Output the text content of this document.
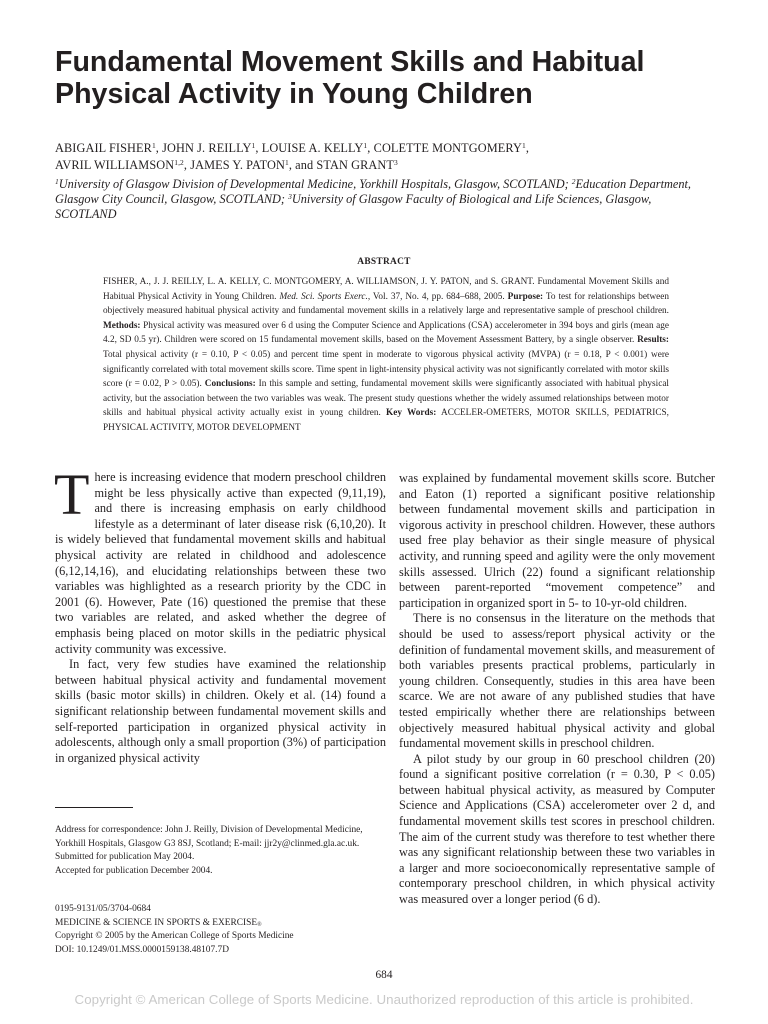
Fundamental Movement Skills and Habitual Physical Activity in Young Children

ABIGAIL FISHER$^1$, JOHN J. REILLY$^1$, LOUISE A. KELLY$^1$, COLETTE MONTGOMERY$^1$,
AVRIL WILLIAMSON$^{1,2}$, JAMES Y. PATON$^1$, and STAN GRANT$^3$

$^1$University of Glasgow Division of Developmental Medicine, Yorkhill Hospitals, Glasgow, SCOTLAND; $^2$Education Department, Glasgow City Council, Glasgow, SCOTLAND; $^3$University of Glasgow Faculty of Biological and Life Sciences, Glasgow, SCOTLAND

ABSTRACT

FISHER, A., J. J. REILLY, L. A. KELLY, C. MONTGOMERY, A. WILLIAMSON, J. Y. PATON, and S. GRANT. Fundamental Movement Skills and Habitual Physical Activity in Young Children. Med. Sci. Sports Exerc., Vol. 37, No. 4, pp. 684–688, 2005. Purpose: To test for relationships between objectively measured habitual physical activity and fundamental movement skills in a relatively large and representative sample of preschool children. Methods: Physical activity was measured over 6 d using the Computer Science and Applications (CSA) accelerometer in 394 boys and girls (mean age 4.2, SD 0.5 yr). Children were scored on 15 fundamental movement skills, based on the Movement Assessment Battery, by a single observer. Results: Total physical activity (r = 0.10, P < 0.05) and percent time spent in moderate to vigorous physical activity (MVPA) (r = 0.18, P < 0.001) were significantly correlated with total movement skills score. Time spent in light-intensity physical activity was not significantly correlated with motor skills score (r = 0.02, P > 0.05). Conclusions: In this sample and setting, fundamental movement skills were significantly associated with habitual physical activity, but the association between the two variables was weak. The present study questions whether the widely assumed relationships between motor skills and habitual physical activity actually exist in young children. Key Words: ACCELER-OMETERS, MOTOR SKILLS, PEDIATRICS, PHYSICAL ACTIVITY, MOTOR DEVELOPMENT

There is increasing evidence that modern preschool children might be less physically active than expected (9,11,19), and there is increasing emphasis on early childhood lifestyle as a determinant of later disease risk (6,10,20). It is widely believed that fundamental movement skills and habitual physical activity are related in childhood and adolescence (6,12,14,16), and elucidating relationships between these two variables was highlighted as a research priority by the CDC in 2001 (6). However, Pate (16) questioned the premise that these two variables are related, and asked whether the degree of emphasis being placed on motor skills in the pediatric physical activity community was excessive.

In fact, very few studies have examined the relationship between habitual physical activity and fundamental movement skills (basic motor skills) in children. Okely et al. (14) found a significant relationship between fundamental movement skills and self-reported participation in organized physical activity in adolescents, although only a small proportion (3%) of participation in organized physical activity

was explained by fundamental movement skills score. Butcher and Eaton (1) reported a significant positive relationship between fundamental movement skills and participation in vigorous activity in preschool children. However, these authors used free play behavior as their single measure of physical activity, and running speed and agility were the only movement skills assessed. Ulrich (22) found a significant relationship between parent-reported “movement competence” and participation in organized sport in 5- to 10-yr-old children.

There is no consensus in the literature on the methods that should be used to assess/report physical activity or the definition of fundamental movement skills, and measurement of both variables presents practical problems, particularly in young children. Consequently, studies in this area have been scarce. We are not aware of any published studies that have tested empirically whether there are relationships between objectively measured habitual physical activity and global fundamental movement skills in preschool children.

A pilot study by our group in 60 preschool children (20) found a significant positive correlation (r = 0.30, P < 0.05) between habitual physical activity, as measured by Computer Science and Applications (CSA) accelerometer over 2 d, and fundamental movement skills test scores in preschool children. The aim of the current study was therefore to test whether there was any significant relationship between these two variables in a larger and more socioeconomically representative sample of contemporary preschool children, in which physical activity was measured over a longer period (6 d).

Address for correspondence: John J. Reilly, Division of Developmental Medicine, Yorkhill Hospitals, Glasgow G3 8SJ, Scotland; E-mail: jjr2y@clinmed.gla.ac.uk.

Submitted for publication May 2004.

Accepted for publication December 2004.

0195-9131/05/3704-0684

MEDICINE & SCIENCE IN SPORTS & $EXERCISE_®$

Copyright © 2005 by the American College of Sports Medicine

DOI: 10.1249/01.MSS.0000159138.48107.7D

684
Copyright © American College of Sports Medicine. Unauthorized reproduction of this article is prohibited.
